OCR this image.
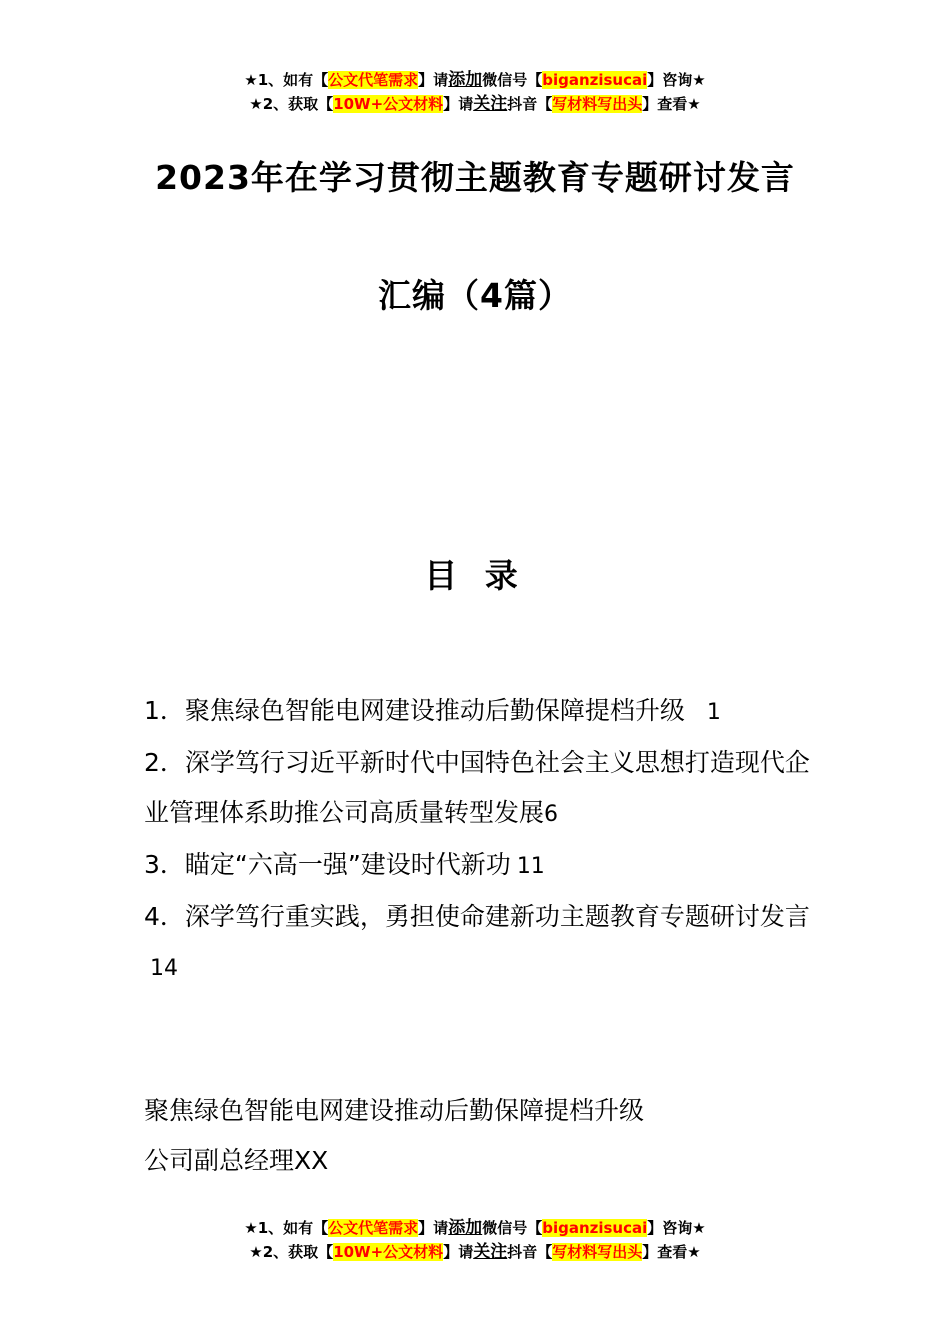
★1、如有【公文代笔需求】请添加微信号【biganzisucai】咨询★
★2、获取【10W+公文材料】请关注抖音【写材料写出头】查看★
2023年在学习贯彻主题教育专题研讨发言
汇编（4篇）
目 录

1．聚焦绿色智能电网建设推动后勤保障提档升级 1

2．深学笃行习近平新时代中国特色社会主义思想打造现代企业管理体系助推公司高质量转型发展6

3．瞄定“六高一强”建设时代新功 11

4．深学笃行重实践，勇担使命建新功主题教育专题研讨发言14

聚焦绿色智能电网建设推动后勤保障提档升级

公司副总经理XX

★1、如有【公文代笔需求】请添加微信号【biganzisucai】咨询★
★2、获取【10W+公文材料】请关注抖音【写材料写出头】查看★
